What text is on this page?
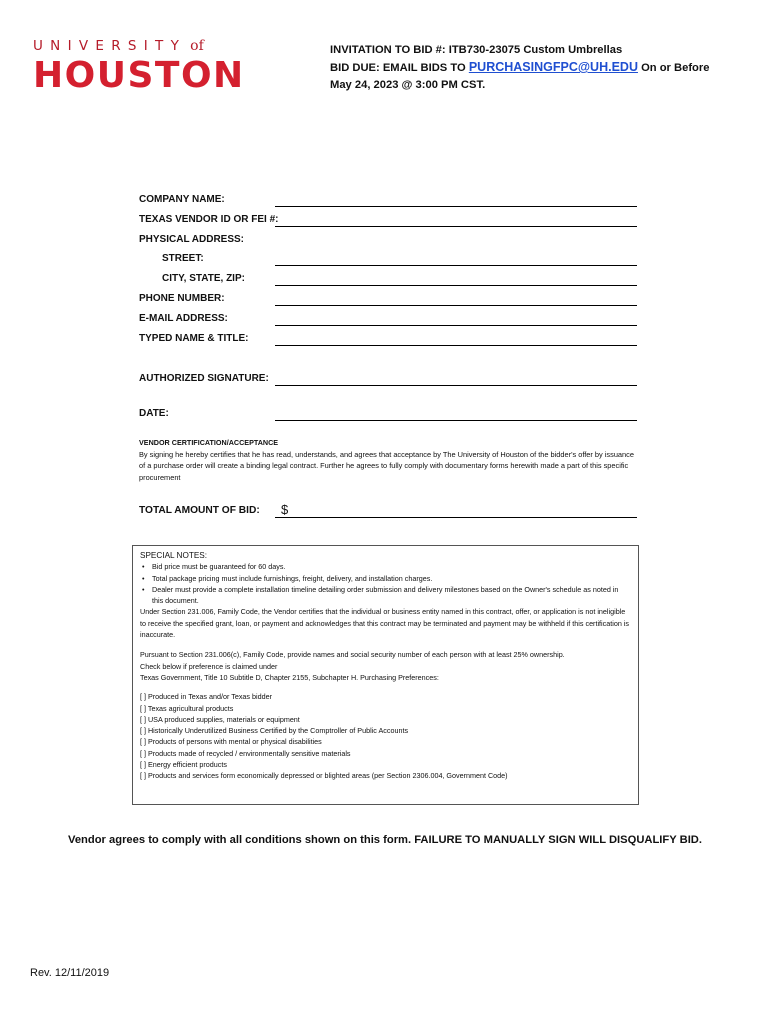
UNIVERSITY of
HOUSTON
INVITATION TO BID #: ITB730-23075 Custom Umbrellas
BID DUE: EMAIL BIDS TO PURCHASINGFPC@UH.EDU On or Before
May 24, 2023 @ 3:00 PM CST.
COMPANY NAME:
TEXAS VENDOR ID OR FEI #:
PHYSICAL ADDRESS:
STREET:
CITY, STATE, ZIP:
PHONE NUMBER:
E-MAIL ADDRESS:
TYPED NAME & TITLE:
AUTHORIZED SIGNATURE:
DATE:
VENDOR CERTIFICATION/ACCEPTANCE
By signing he hereby certifies that he has read, understands, and agrees that acceptance by The University of Houston of the bidder's offer by issuance of a purchase order will create a binding legal contract. Further he agrees to fully comply with documentary forms herewith made a part of this specific procurement
TOTAL AMOUNT OF BID: $
SPECIAL NOTES:
• Bid price must be guaranteed for 60 days.
• Total package pricing must include furnishings, freight, delivery, and installation charges.
• Dealer must provide a complete installation timeline detailing order submission and delivery milestones based on the Owner's schedule as noted in this document.
Under Section 231.006, Family Code, the Vendor certifies that the individual or business entity named in this contract, offer, or application is not ineligible to receive the specified grant, loan, or payment and acknowledges that this contract may be terminated and payment may be withheld if this certification is inaccurate.
Pursuant to Section 231.006(c), Family Code, provide names and social security number of each person with at least 25% ownership.
Check below if preference is claimed under
Texas Government, Title 10 Subtitle D, Chapter 2155, Subchapter H. Purchasing Preferences:
[ ] Produced in Texas and/or Texas bidder
[ ] Texas agricultural products
[ ] USA produced supplies, materials or equipment
[ ] Historically Underutilized Business Certified by the Comptroller of Public Accounts
[ ] Products of persons with mental or physical disabilities
[ ] Products made of recycled / environmentally sensitive materials
[ ] Energy efficient products
[ ] Products and services form economically depressed or blighted areas (per Section 2306.004, Government Code)
Vendor agrees to comply with all conditions shown on this form. FAILURE TO MANUALLY SIGN WILL DISQUALIFY BID.
Rev. 12/11/2019
